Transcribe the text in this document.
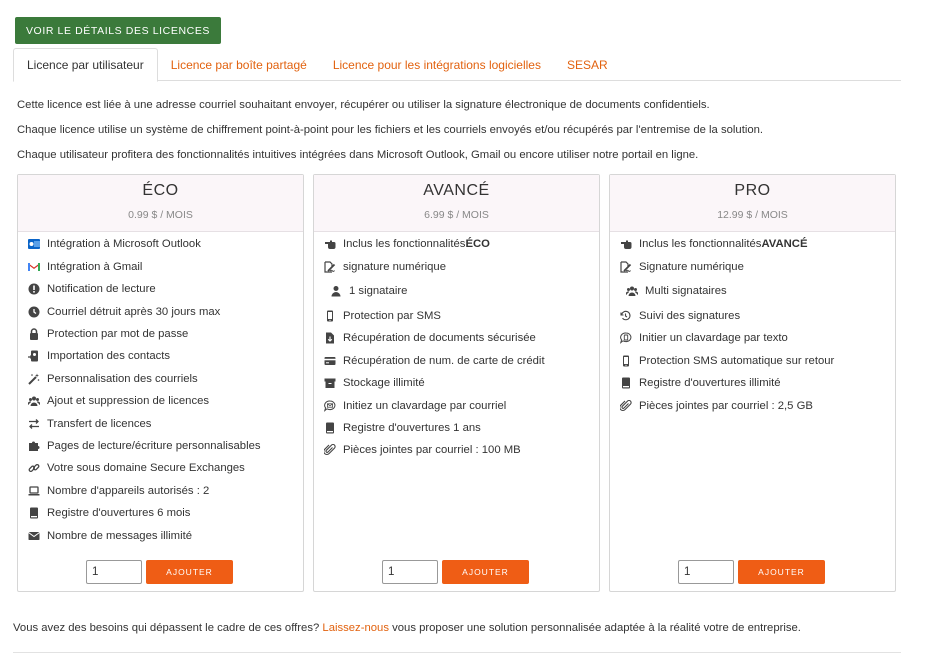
VOIR LE DÉTAILS DES LICENCES
Licence par utilisateur	Licence par boîte partagé	Licence pour les intégrations logicielles	SESAR

Cette licence est liée à une adresse courriel souhaitant envoyer, récupérer ou utiliser la signature électronique de documents confidentiels.

Chaque licence utilise un système de chiffrement point-à-point pour les fichiers et les courriels envoyés et/ou récupérés par l'entremise de la solution.

Chaque utilisateur profitera des fonctionnalités intuitives intégrées dans Microsoft Outlook, Gmail ou encore utiliser notre portail en ligne.

ÉCO
0.99 $ / MOIS
Intégration à Microsoft Outlook
Intégration à Gmail
Notification de lecture
Courriel détruit après 30 jours max
Protection par mot de passe
Importation des contacts
Personnalisation des courriels
Ajout et suppression de licences
Transfert de licences
Pages de lecture/écriture personnalisables
Votre sous domaine Secure Exchanges
Nombre d'appareils autorisés : 2
Registre d'ouvertures 6 mois
Nombre de messages illimité
1
AJOUTER
AVANCÉ
6.99 $ / MOIS
Inclus les fonctionnalités ÉCO
signature numérique
1 signataire
Protection par SMS
Récupération de documents sécurisée
Récupération de num. de carte de crédit
Stockage illimité
Initiez un clavardage par courriel
Registre d'ouvertures 1 ans
Pièces jointes par courriel : 100 MB
1
AJOUTER
PRO
12.99 $ / MOIS
Inclus les fonctionnalités AVANCÉ
Signature numérique
Multi signataires
Suivi des signatures
Initier un clavardage par texto
Protection SMS automatique sur retour
Registre d'ouvertures illimité
Pièces jointes par courriel : 2,5 GB
1
AJOUTER

Vous avez des besoins qui dépassent le cadre de ces offres? Laissez-nous vous proposer une solution personnalisée adaptée à la réalité votre de entreprise.
